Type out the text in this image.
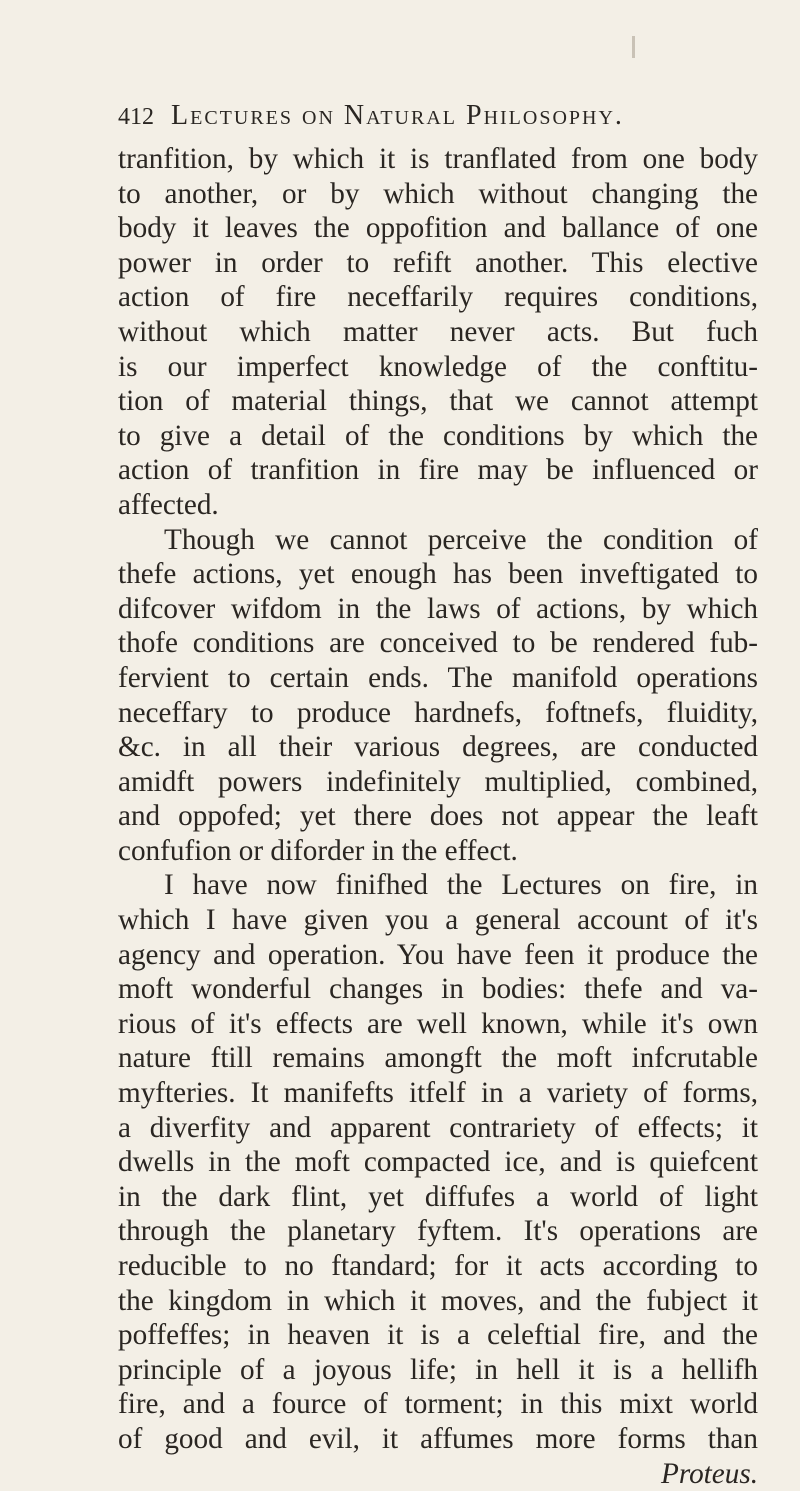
412 Lectures on Natural Philosophy.
tranfition, by which it is tranflated from one body
to another, or by which without changing the
body it leaves the oppofition and ballance of one
power in order to refift another. This elective
action of fire neceffarily requires conditions,
without which matter never acts. But fuch
is our imperfect knowledge of the conftitu-
tion of material things, that we cannot attempt
to give a detail of the conditions by which the
action of tranfition in fire may be influenced or
affected.
Though we cannot perceive the condition of
thefe actions, yet enough has been inveftigated to
difcover wifdom in the laws of actions, by which
thofe conditions are conceived to be rendered fub-
fervient to certain ends. The manifold operations
neceffary to produce hardnefs, foftnefs, fluidity,
&c. in all their various degrees, are conducted
amidft powers indefinitely multiplied, combined,
and oppofed; yet there does not appear the leaft
confufion or diforder in the effect.
I have now finifhed the Lectures on fire, in
which I have given you a general account of it's
agency and operation. You have feen it produce the
moft wonderful changes in bodies: thefe and va-
rious of it's effects are well known, while it's own
nature ftill remains amongft the moft infcrutable
myfteries. It manifefts itfelf in a variety of forms,
a diverfity and apparent contrariety of effects; it
dwells in the moft compacted ice, and is quiefcent
in the dark flint, yet diffufes a world of light
through the planetary fyftem. It's operations are
reducible to no ftandard; for it acts according to
the kingdom in which it moves, and the fubject it
poffeffes; in heaven it is a celeftial fire, and the
principle of a joyous life; in hell it is a hellifh
fire, and a fource of torment; in this mixt world
of good and evil, it affumes more forms than
Proteus.
